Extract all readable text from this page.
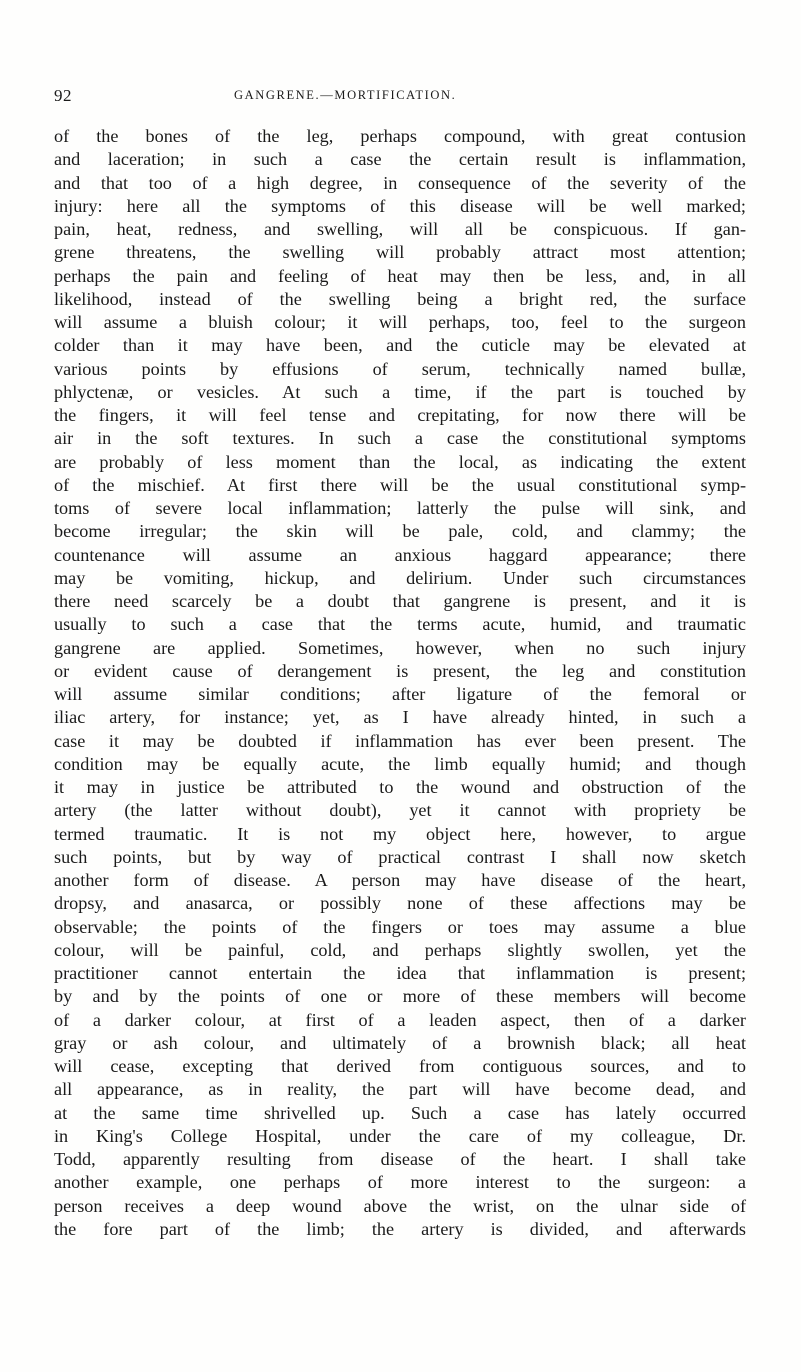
92	GANGRENE.—MORTIFICATION.
of the bones of the leg, perhaps compound, with great contusion
and laceration; in such a case the certain result is inflammation,
and that too of a high degree, in consequence of the severity of the
injury: here all the symptoms of this disease will be well marked;
pain, heat, redness, and swelling, will all be conspicuous. If gan-
grene threatens, the swelling will probably attract most attention;
perhaps the pain and feeling of heat may then be less, and, in all
likelihood, instead of the swelling being a bright red, the surface
will assume a bluish colour; it will perhaps, too, feel to the surgeon
colder than it may have been, and the cuticle may be elevated at
various points by effusions of serum, technically named bullæ,
phlyctenæ, or vesicles. At such a time, if the part is touched by
the fingers, it will feel tense and crepitating, for now there will be
air in the soft textures. In such a case the constitutional symptoms
are probably of less moment than the local, as indicating the extent
of the mischief. At first there will be the usual constitutional symp-
toms of severe local inflammation; latterly the pulse will sink, and
become irregular; the skin will be pale, cold, and clammy; the
countenance will assume an anxious haggard appearance; there
may be vomiting, hickup, and delirium. Under such circumstances
there need scarcely be a doubt that gangrene is present, and it is
usually to such a case that the terms acute, humid, and traumatic
gangrene are applied. Sometimes, however, when no such injury
or evident cause of derangement is present, the leg and constitution
will assume similar conditions; after ligature of the femoral or
iliac artery, for instance; yet, as I have already hinted, in such a
case it may be doubted if inflammation has ever been present. The
condition may be equally acute, the limb equally humid; and though
it may in justice be attributed to the wound and obstruction of the
artery (the latter without doubt), yet it cannot with propriety be
termed traumatic. It is not my object here, however, to argue
such points, but by way of practical contrast I shall now sketch
another form of disease. A person may have disease of the heart,
dropsy, and anasarca, or possibly none of these affections may be
observable; the points of the fingers or toes may assume a blue
colour, will be painful, cold, and perhaps slightly swollen, yet the
practitioner cannot entertain the idea that inflammation is present;
by and by the points of one or more of these members will become
of a darker colour, at first of a leaden aspect, then of a darker
gray or ash colour, and ultimately of a brownish black; all heat
will cease, excepting that derived from contiguous sources, and to
all appearance, as in reality, the part will have become dead, and
at the same time shrivelled up. Such a case has lately occurred
in King's College Hospital, under the care of my colleague, Dr.
Todd, apparently resulting from disease of the heart. I shall take
another example, one perhaps of more interest to the surgeon: a
person receives a deep wound above the wrist, on the ulnar side of
the fore part of the limb; the artery is divided, and afterwards
